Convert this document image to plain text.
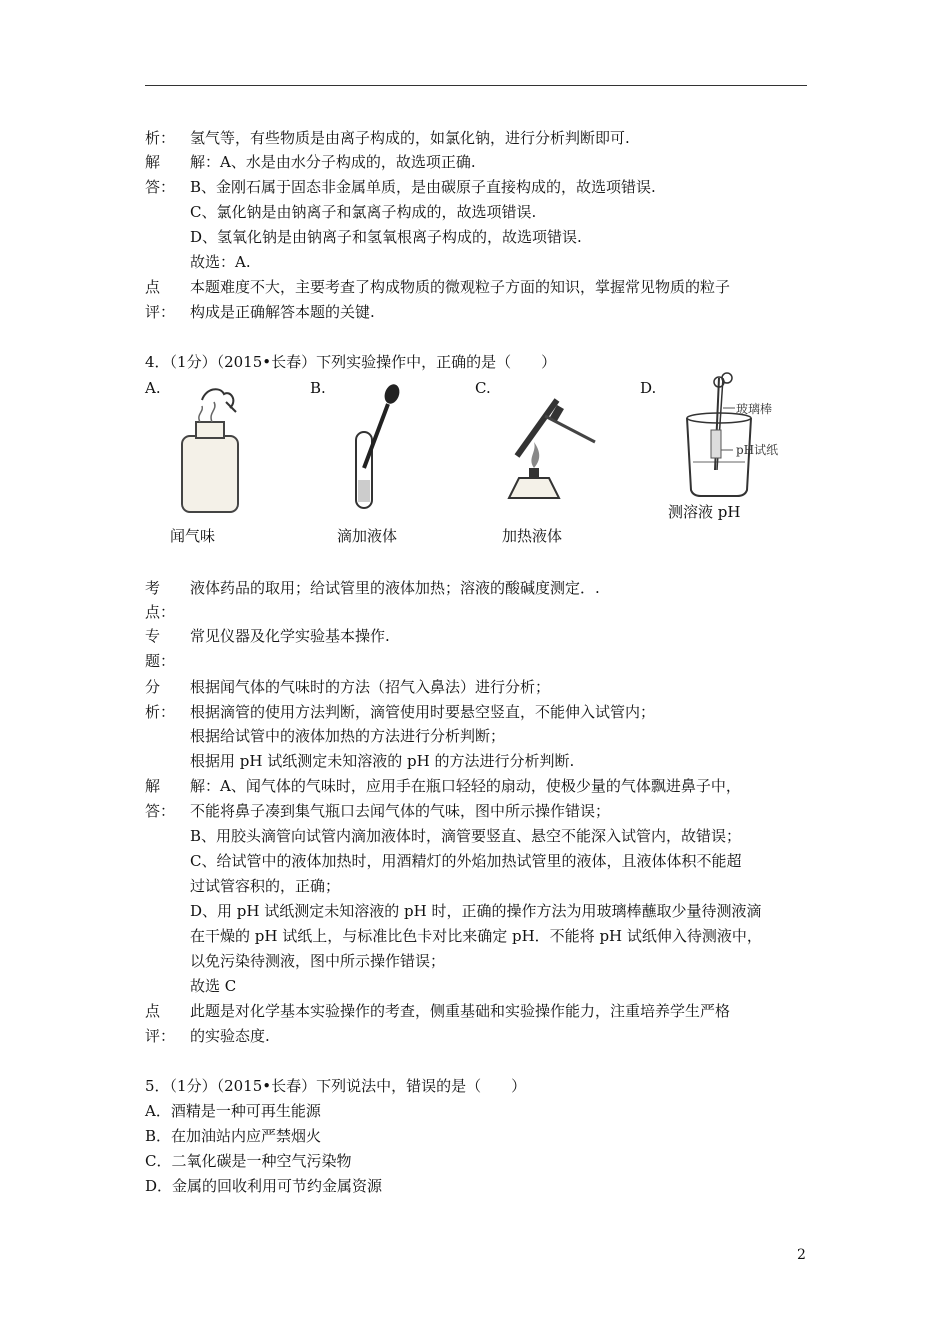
析： 氢气等，有些物质是由离子构成的，如氯化钠，进行分析判断即可.
解 解：A、水是由水分子构成的，故选项正确.
答： B、金刚石属于固态非金属单质，是由碳原子直接构成的，故选项错误.
C、氯化钠是由钠离子和氯离子构成的，故选项错误.
D、氢氧化钠是由钠离子和氢氧根离子构成的，故选项错误.
故选：A.
点 本题难度不大，主要考查了构成物质的微观粒子方面的知识，掌握常见物质的粒子
评： 构成是正确解答本题的关键.
4．（1分）（2015•长春）下列实验操作中，正确的是（　　）
A.	B.	C.	D.
闻气味	滴加液体	加热液体
玻璃棒
pH试纸
测溶液 pH
考 液体药品的取用；给试管里的液体加热；溶液的酸碱度测定．.
点：
专 常见仪器及化学实验基本操作.
题：
分 根据闻气体的气味时的方法（招气入鼻法）进行分析；
析： 根据滴管的使用方法判断，滴管使用时要悬空竖直，不能伸入试管内；
根据给试管中的液体加热的方法进行分析判断；
根据用 pH 试纸测定未知溶液的 pH 的方法进行分析判断.
解 解：A、闻气体的气味时，应用手在瓶口轻轻的扇动，使极少量的气体飘进鼻子中，
答： 不能将鼻子凑到集气瓶口去闻气体的气味，图中所示操作错误；
B、用胶头滴管向试管内滴加液体时，滴管要竖直、悬空不能深入试管内，故错误；
C、给试管中的液体加热时，用酒精灯的外焰加热试管里的液体，且液体体积不能超
过试管容积的，正确；
D、用 pH 试纸测定未知溶液的 pH 时，正确的操作方法为用玻璃棒蘸取少量待测液滴
在干燥的 pH 试纸上，与标准比色卡对比来确定 pH．不能将 pH 试纸伸入待测液中，
以免污染待测液，图中所示操作错误；
故选 C
点 此题是对化学基本实验操作的考查，侧重基础和实验操作能力，注重培养学生严格
评： 的实验态度.
5．（1分）（2015•长春）下列说法中，错误的是（　　）
A．酒精是一种可再生能源
B．在加油站内应严禁烟火
C．二氧化碳是一种空气污染物
D．金属的回收利用可节约金属资源
2
